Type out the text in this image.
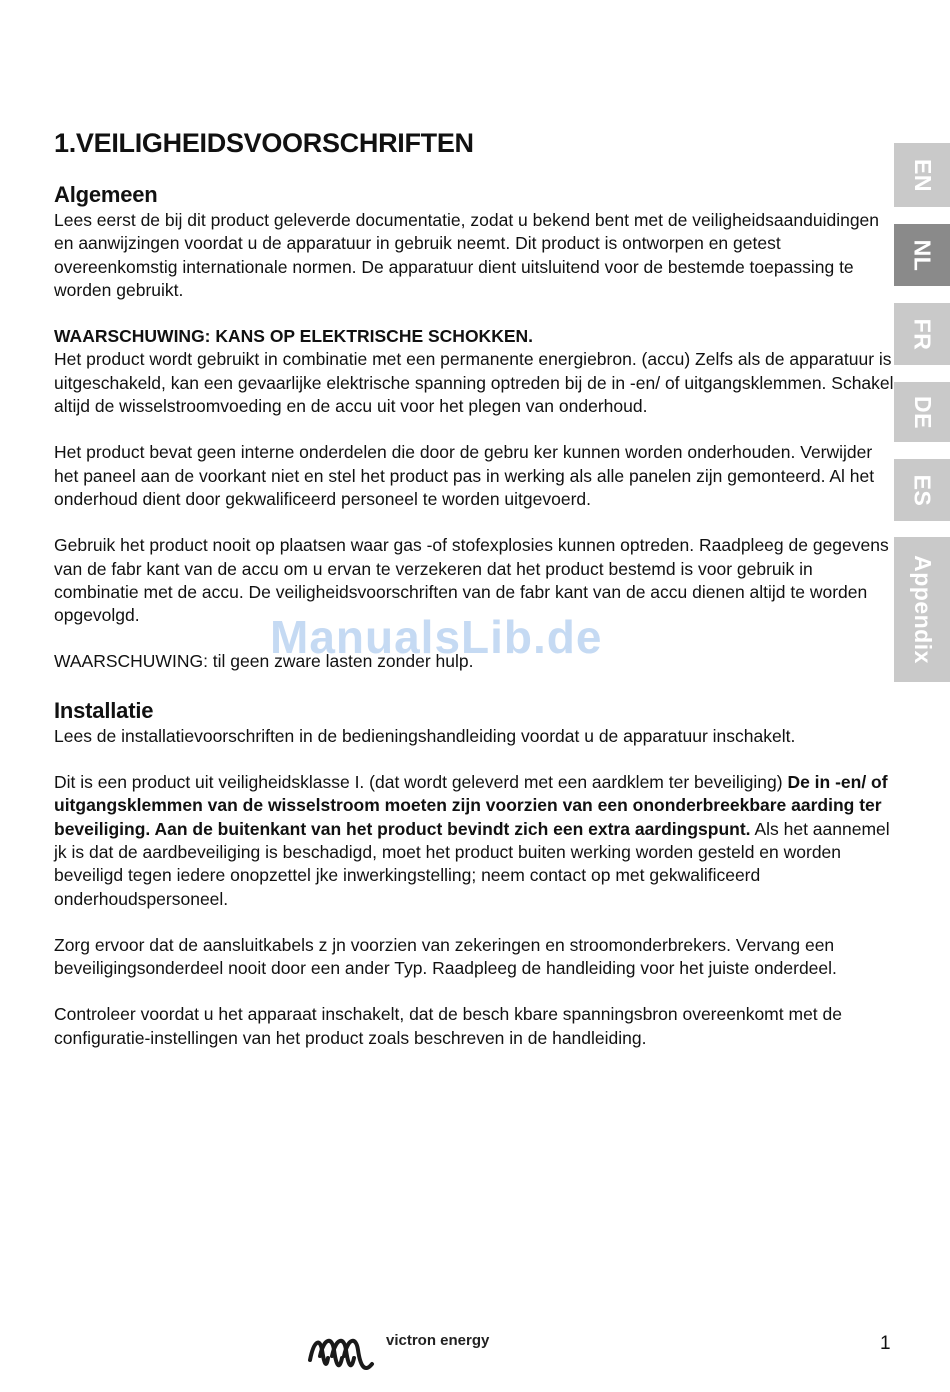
1.VEILIGHEIDSVOORSCHRIFTEN
Algemeen

Lees eerst de bij dit product geleverde documentatie, zodat u bekend bent met de veiligheidsaanduidingen en aanwijzingen voordat u de apparatuur in gebruik neemt. Dit product is ontworpen en getest overeenkomstig internationale normen. De apparatuur dient uitsluitend voor de bestemde toepassing te worden gebruikt.

WAARSCHUWING: KANS OP ELEKTRISCHE SCHOKKEN.
Het product wordt gebruikt in combinatie met een permanente energiebron. (accu) Zelfs als de apparatuur is uitgeschakeld, kan een gevaarlijke elektrische spanning optreden bij de in -en/ of uitgangsklemmen. Schakel altijd de wisselstroomvoeding en de accu uit voor het plegen van onderhoud.

Het product bevat geen interne onderdelen die door de gebru ker kunnen worden onderhouden. Verwijder het paneel aan de voorkant niet en stel het product pas in werking als alle panelen zijn gemonteerd. Al het onderhoud dient door gekwalificeerd personeel te worden uitgevoerd.

Gebruik het product nooit op plaatsen waar gas -of stofexplosies kunnen optreden. Raadpleeg de gegevens van de fabr kant van de accu om u ervan te verzekeren dat het product bestemd is voor gebruik in combinatie met de accu. De veiligheidsvoorschriften van de fabr kant van de accu dienen altijd te worden opgevolgd.

WAARSCHUWING: til geen zware lasten zonder hulp.

Installatie

Lees de installatievoorschriften in de bedieningshandleiding voordat u de apparatuur inschakelt.

Dit is een product uit veiligheidsklasse I. (dat wordt geleverd met een aardklem ter beveiliging) De in -en/ of uitgangsklemmen van de wisselstroom moeten zijn voorzien van een ononderbreekbare aarding ter beveiliging. Aan de buitenkant van het product bevindt zich een extra aardingspunt. Als het aannemel jk is dat de aardbeveiliging is beschadigd, moet het product buiten werking worden gesteld en worden beveiligd tegen iedere onopzettel jke inwerkingstelling; neem contact op met gekwalificeerd onderhoudspersoneel.

Zorg ervoor dat de aansluitkabels z jn voorzien van zekeringen en stroomonderbrekers. Vervang een beveiligingsonderdeel nooit door een ander Typ. Raadpleeg de handleiding voor het juiste onderdeel.

Controleer voordat u het apparaat inschakelt, dat de besch kbare spanningsbron overeenkomt met de configuratie-instellingen van het product zoals beschreven in de handleiding.

ManualsLib.de
EN
NL
FR
DE
ES
Appendix
victron energy	1
